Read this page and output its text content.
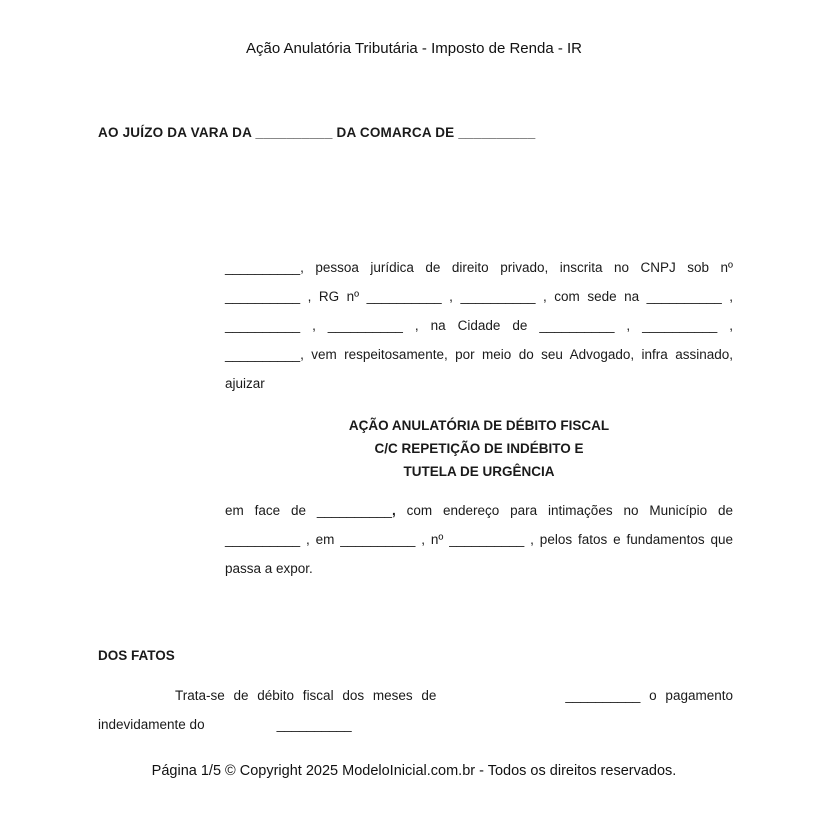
Ação Anulatória Tributária - Imposto de Renda - IR
AO JUÍZO DA VARA DA __________ DA COMARCA DE __________

__________, pessoa jurídica de direito privado, inscrita no CNPJ sob nº __________ , RG nº __________ , __________ , com sede na __________ , __________ , __________ , na Cidade de __________ , __________ , __________, vem respeitosamente, por meio do seu Advogado, infra assinado, ajuizar

AÇÃO ANULATÓRIA DE DÉBITO FISCAL
C/C REPETIÇÃO DE INDÉBITO E
TUTELA DE URGÊNCIA

em face de __________, com endereço para intimações no Município de __________ , em __________ , nº __________ , pelos fatos e fundamentos que passa a expor.

DOS FATOS
Trata-se de débito fiscal dos meses de	__________ o pagamento
indevidamente do	__________
Página 1/5 © Copyright 2025 ModeloInicial.com.br - Todos os direitos reservados.
